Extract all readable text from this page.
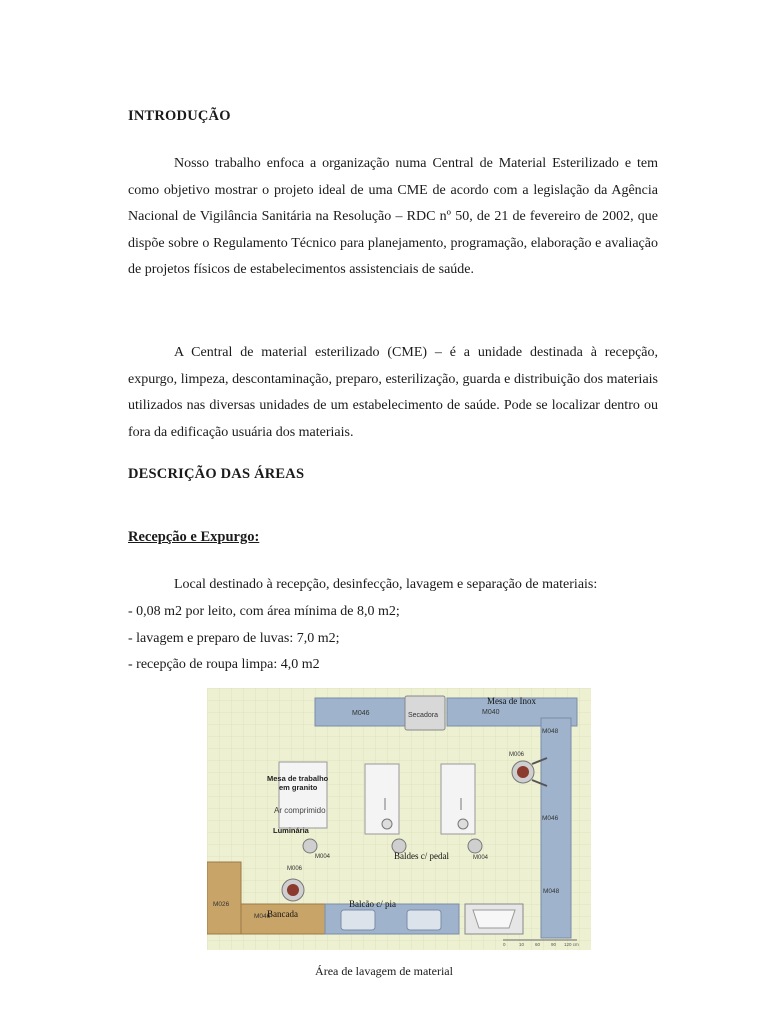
INTRODUÇÃO

Nosso trabalho enfoca a organização numa Central de Material Esterilizado e tem como objetivo mostrar o projeto ideal de uma CME de acordo com a legislação da Agência Nacional de Vigilância Sanitária na Resolução – RDC nº 50, de 21 de fevereiro de 2002, que dispõe sobre o Regulamento Técnico para planejamento, programação, elaboração e avaliação de projetos físicos de estabelecimentos assistenciais de saúde.

A Central de material esterilizado (CME) – é a unidade destinada à recepção, expurgo, limpeza, descontaminação, preparo, esterilização, guarda e distribuição dos materiais utilizados nas diversas unidades de um estabelecimento de saúde. Pode se localizar dentro ou fora da edificação usuária dos materiais.

DESCRIÇÃO DAS ÁREAS
Recepção e Expurgo:
Local destinado à recepção, desinfecção, lavagem e separação de materiais:
- 0,08 m2 por leito, com área mínima de 8,0 m2;
- lavagem e preparo de luvas: 7,0 m2;
- recepção de roupa limpa: 4,0 m2
M046	Secadora	M040
Mesa de Inox
M048
M046
M048
M006
Mesa de trabalho
em granito
Ar comprimido
Luminária
M004	M004
Baldes c/ pedal
M026
M046
Bancada
M006
Balcão c/ pia
0	10 60 90 120 cm
Área de lavagem de material
